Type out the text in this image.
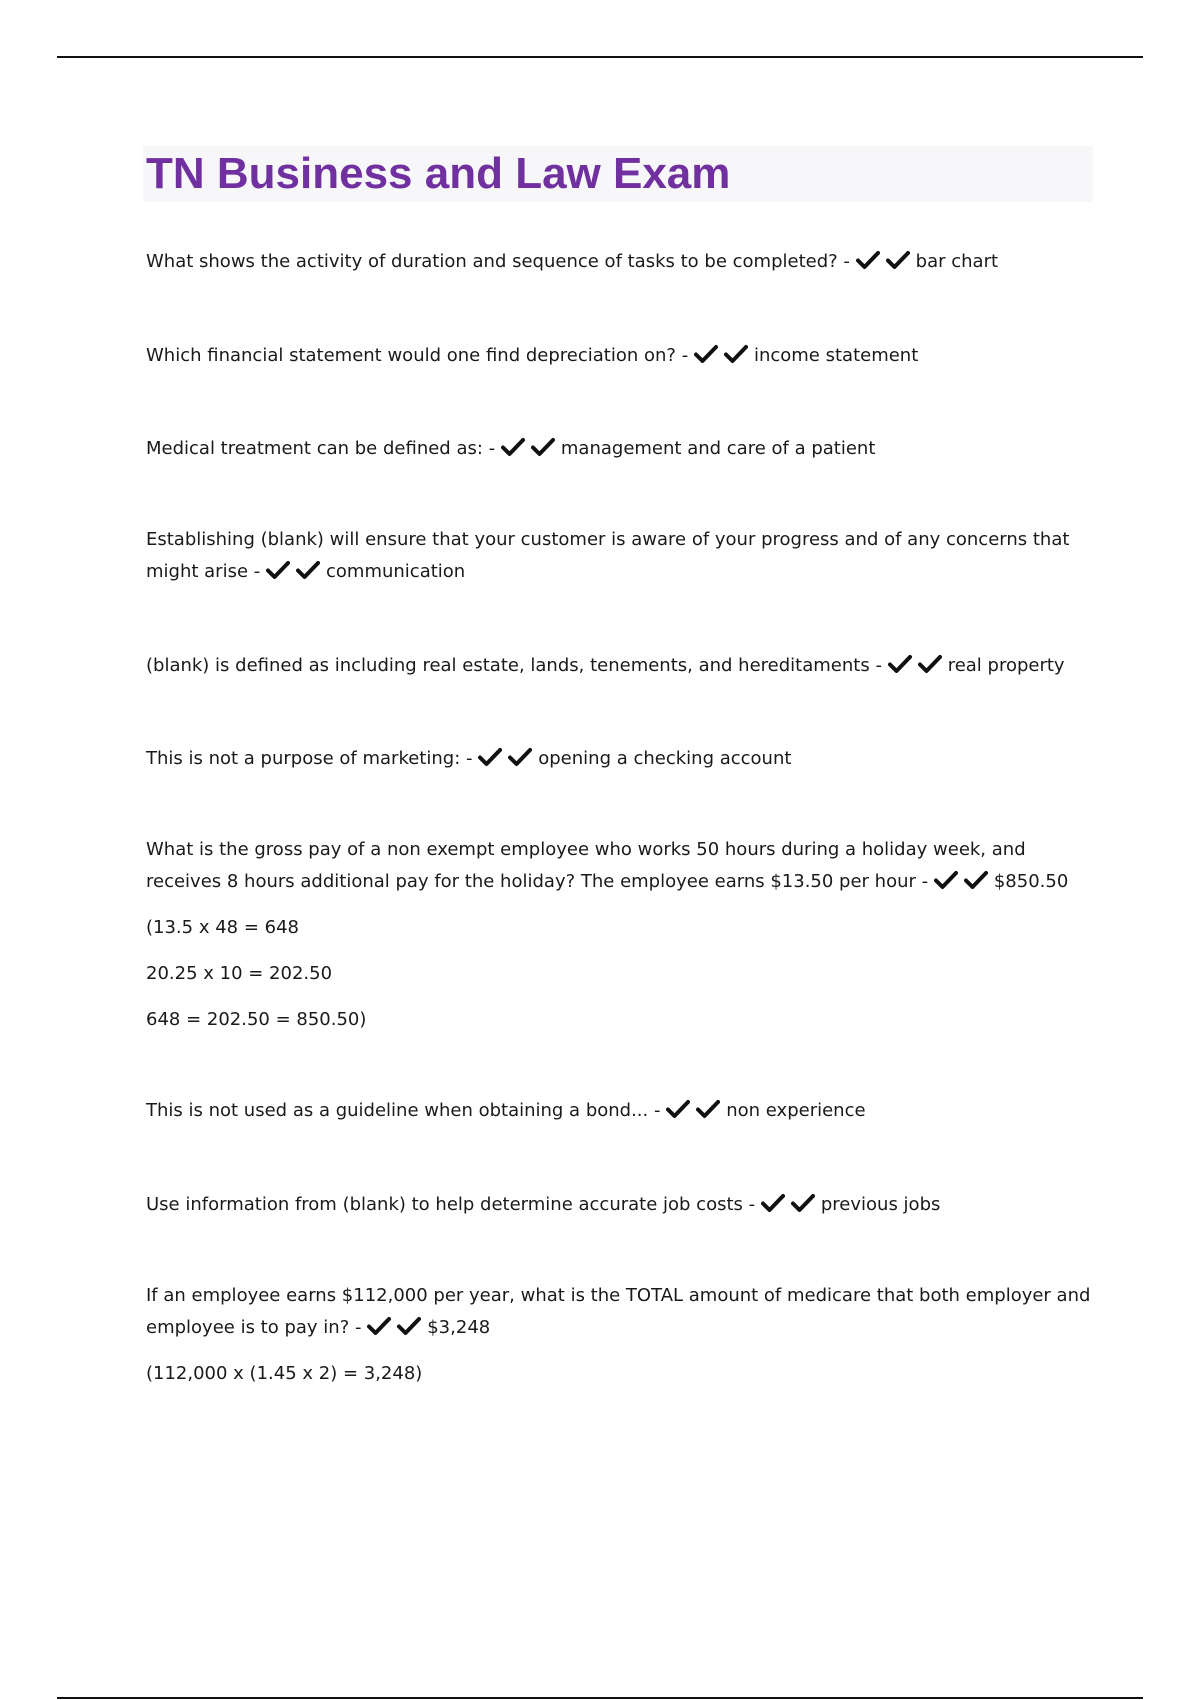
TN Business and Law Exam

What shows the activity of duration and sequence of tasks to be completed? -	bar chart

Which financial statement would one find depreciation on? -	income statement

Medical treatment can be defined as: -	management and care of a patient

Establishing (blank) will ensure that your customer is aware of your progress and of any concerns that might arise -	communication

(blank) is defined as including real estate, lands, tenements, and hereditaments -	real property

This is not a purpose of marketing: -	opening a checking account

What is the gross pay of a non exempt employee who works 50 hours during a holiday week, and receives 8 hours additional pay for the holiday? The employee earns $13.50 per hour -	$850.50

(13.5 x 48 = 648

20.25 x 10 = 202.50

648 = 202.50 = 850.50)

This is not used as a guideline when obtaining a bond... -	non experience

Use information from (blank) to help determine accurate job costs -	previous jobs

If an employee earns $112,000 per year, what is the TOTAL amount of medicare that both employer and employee is to pay in? -	$3,248

(112,000 x (1.45 x 2) = 3,248)
